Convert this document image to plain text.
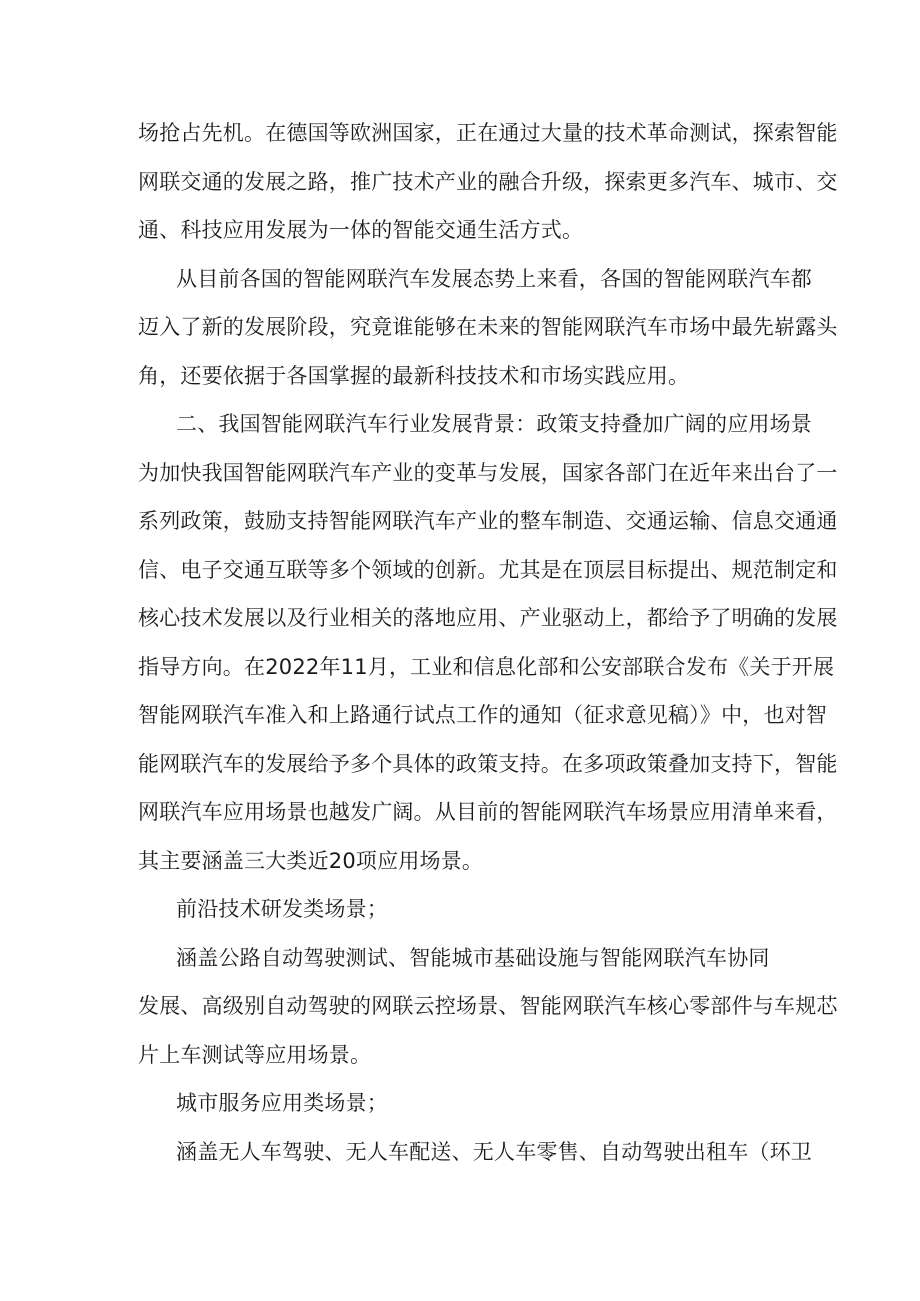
场抢占先机。在德国等欧洲国家，正在通过大量的技术革命测试，探索智能
网联交通的发展之路，推广技术产业的融合升级，探索更多汽车、城市、交
通、科技应用发展为一体的智能交通生活方式。
从目前各国的智能网联汽车发展态势上来看，各国的智能网联汽车都
迈入了新的发展阶段，究竟谁能够在未来的智能网联汽车市场中最先崭露头
角，还要依据于各国掌握的最新科技技术和市场实践应用。
二、我国智能网联汽车行业发展背景：政策支持叠加广阔的应用场景
为加快我国智能网联汽车产业的变革与发展，国家各部门在近年来出台了一
系列政策，鼓励支持智能网联汽车产业的整车制造、交通运输、信息交通通
信、电子交通互联等多个领域的创新。尤其是在顶层目标提出、规范制定和
核心技术发展以及行业相关的落地应用、产业驱动上，都给予了明确的发展
指导方向。在2022年11月，工业和信息化部和公安部联合发布《关于开展
智能网联汽车准入和上路通行试点工作的通知（征求意见稿）》中，也对智
能网联汽车的发展给予多个具体的政策支持。在多项政策叠加支持下，智能
网联汽车应用场景也越发广阔。从目前的智能网联汽车场景应用清单来看，
其主要涵盖三大类近20项应用场景。
前沿技术研发类场景；
涵盖公路自动驾驶测试、智能城市基础设施与智能网联汽车协同
发展、高级别自动驾驶的网联云控场景、智能网联汽车核心零部件与车规芯
片上车测试等应用场景。
城市服务应用类场景；
涵盖无人车驾驶、无人车配送、无人车零售、自动驾驶出租车（环卫
